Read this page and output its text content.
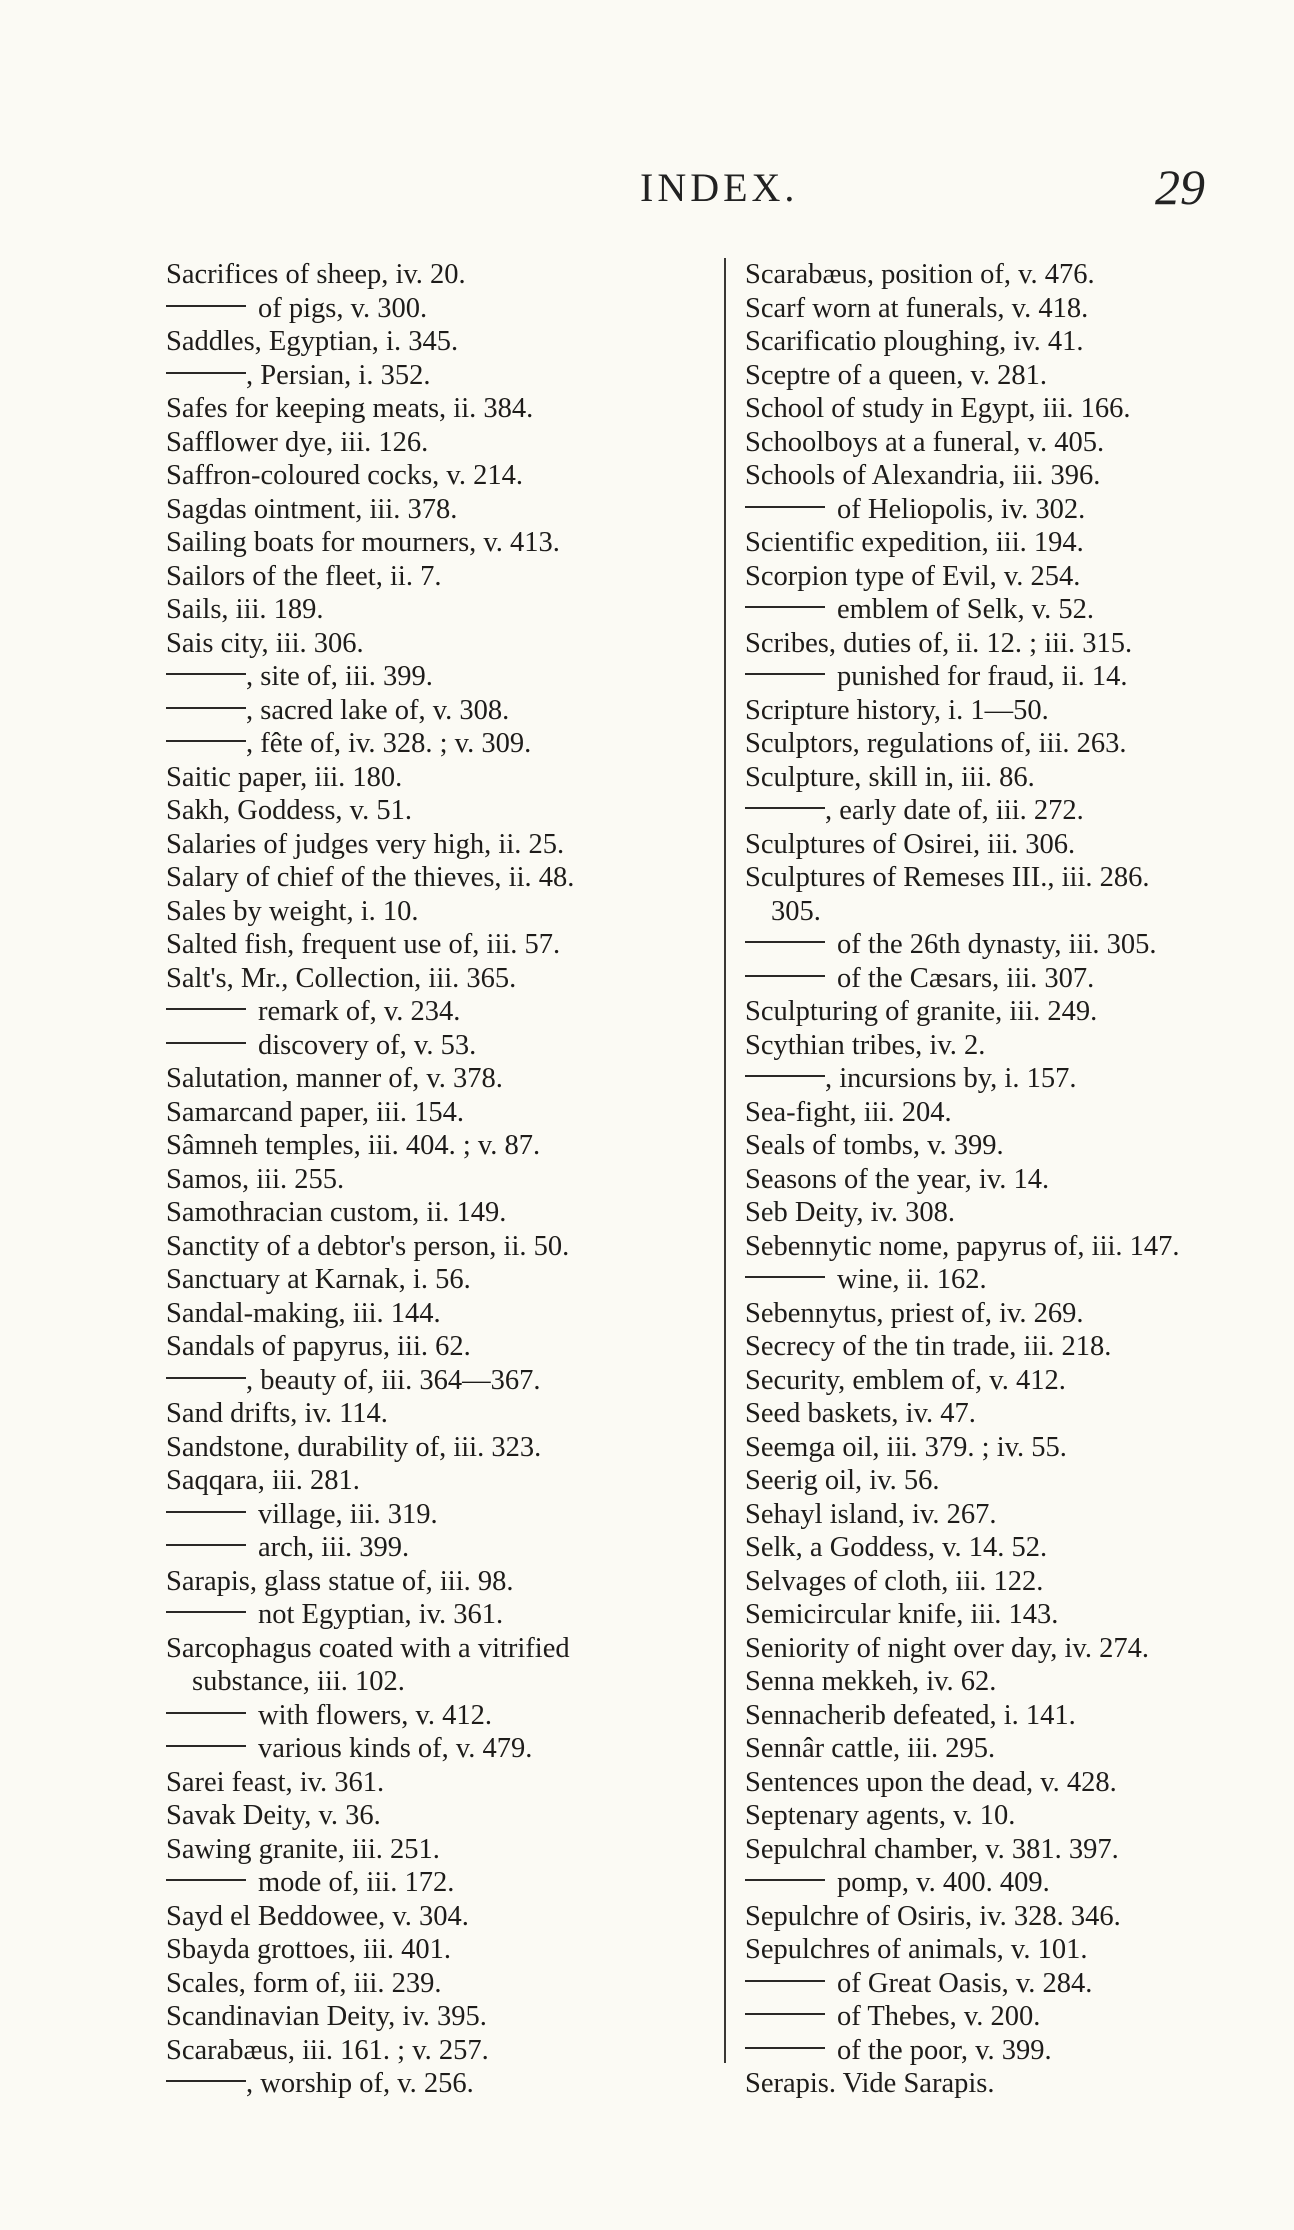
INDEX.	29
Sacrifices of sheep, iv. 20.
of pigs, v. 300.
Saddles, Egyptian, i. 345.
, Persian, i. 352.
Safes for keeping meats, ii. 384.
Safflower dye, iii. 126.
Saffron-coloured cocks, v. 214.
Sagdas ointment, iii. 378.
Sailing boats for mourners, v. 413.
Sailors of the fleet, ii. 7.
Sails, iii. 189.
Sais city, iii. 306.
, site of, iii. 399.
, sacred lake of, v. 308.
, fête of, iv. 328. ; v. 309.
Saitic paper, iii. 180.
Sakh, Goddess, v. 51.
Salaries of judges very high, ii. 25.
Salary of chief of the thieves, ii. 48.
Sales by weight, i. 10.
Salted fish, frequent use of, iii. 57.
Salt's, Mr., Collection, iii. 365.
remark of, v. 234.
discovery of, v. 53.
Salutation, manner of, v. 378.
Samarcand paper, iii. 154.
Sâmneh temples, iii. 404. ; v. 87.
Samos, iii. 255.
Samothracian custom, ii. 149.
Sanctity of a debtor's person, ii. 50.
Sanctuary at Karnak, i. 56.
Sandal-making, iii. 144.
Sandals of papyrus, iii. 62.
, beauty of, iii. 364—367.
Sand drifts, iv. 114.
Sandstone, durability of, iii. 323.
Saqqara, iii. 281.
village, iii. 319.
arch, iii. 399.
Sarapis, glass statue of, iii. 98.
not Egyptian, iv. 361.
Sarcophagus coated with a vitrified
substance, iii. 102.
with flowers, v. 412.
various kinds of, v. 479.
Sarei feast, iv. 361.
Savak Deity, v. 36.
Sawing granite, iii. 251.
mode of, iii. 172.
Sayd el Beddowee, v. 304.
Sbayda grottoes, iii. 401.
Scales, form of, iii. 239.
Scandinavian Deity, iv. 395.
Scarabæus, iii. 161. ; v. 257.
, worship of, v. 256.
Scarabæus, position of, v. 476.
Scarf worn at funerals, v. 418.
Scarificatio ploughing, iv. 41.
Sceptre of a queen, v. 281.
School of study in Egypt, iii. 166.
Schoolboys at a funeral, v. 405.
Schools of Alexandria, iii. 396.
of Heliopolis, iv. 302.
Scientific expedition, iii. 194.
Scorpion type of Evil, v. 254.
emblem of Selk, v. 52.
Scribes, duties of, ii. 12. ; iii. 315.
punished for fraud, ii. 14.
Scripture history, i. 1—50.
Sculptors, regulations of, iii. 263.
Sculpture, skill in, iii. 86.
, early date of, iii. 272.
Sculptures of Osirei, iii. 306.
Sculptures of Remeses III., iii. 286.
305.
of the 26th dynasty, iii. 305.
of the Cæsars, iii. 307.
Sculpturing of granite, iii. 249.
Scythian tribes, iv. 2.
, incursions by, i. 157.
Sea-fight, iii. 204.
Seals of tombs, v. 399.
Seasons of the year, iv. 14.
Seb Deity, iv. 308.
Sebennytic nome, papyrus of, iii. 147.
wine, ii. 162.
Sebennytus, priest of, iv. 269.
Secrecy of the tin trade, iii. 218.
Security, emblem of, v. 412.
Seed baskets, iv. 47.
Seemga oil, iii. 379. ; iv. 55.
Seerig oil, iv. 56.
Sehayl island, iv. 267.
Selk, a Goddess, v. 14. 52.
Selvages of cloth, iii. 122.
Semicircular knife, iii. 143.
Seniority of night over day, iv. 274.
Senna mekkeh, iv. 62.
Sennacherib defeated, i. 141.
Sennâr cattle, iii. 295.
Sentences upon the dead, v. 428.
Septenary agents, v. 10.
Sepulchral chamber, v. 381. 397.
pomp, v. 400. 409.
Sepulchre of Osiris, iv. 328. 346.
Sepulchres of animals, v. 101.
of Great Oasis, v. 284.
of Thebes, v. 200.
of the poor, v. 399.
Serapis. Vide Sarapis.
